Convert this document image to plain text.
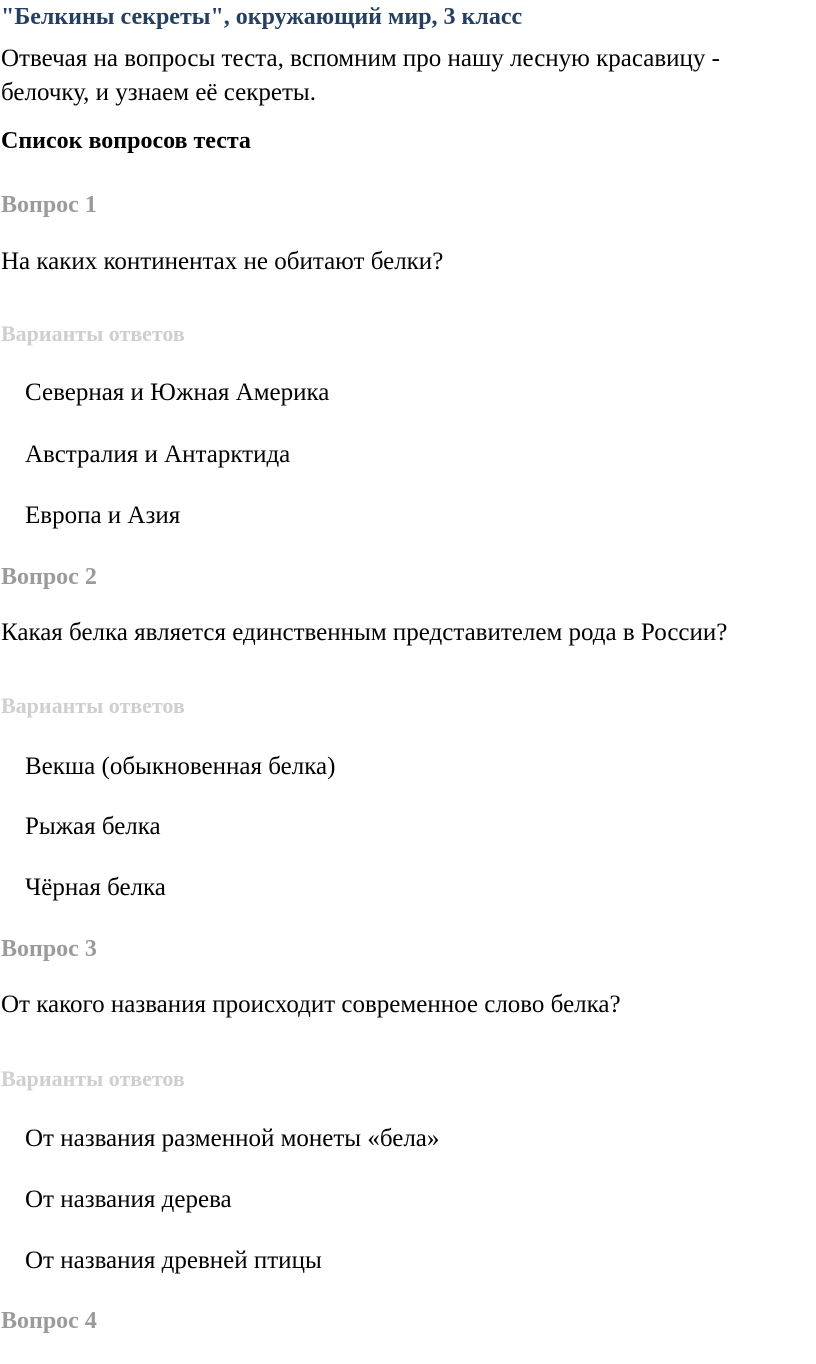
"Белкины секреты", окружающий мир, 3 класс
Отвечая на вопросы теста, вспомним про нашу лесную красавицу - белочку, и узнаем её секреты.
Список вопросов теста
Вопрос 1
На каких континентах не обитают белки?
Варианты ответов
Северная и Южная Америка
Австралия и Антарктида
Европа и Азия
Вопрос 2
Какая белка является единственным представителем рода в России?
Варианты ответов
Векша (обыкновенная белка)
Рыжая белка
Чёрная белка
Вопрос 3
От какого названия происходит современное слово белка?
Варианты ответов
От названия разменной монеты «бела»
От названия дерева
От названия древней птицы
Вопрос 4
